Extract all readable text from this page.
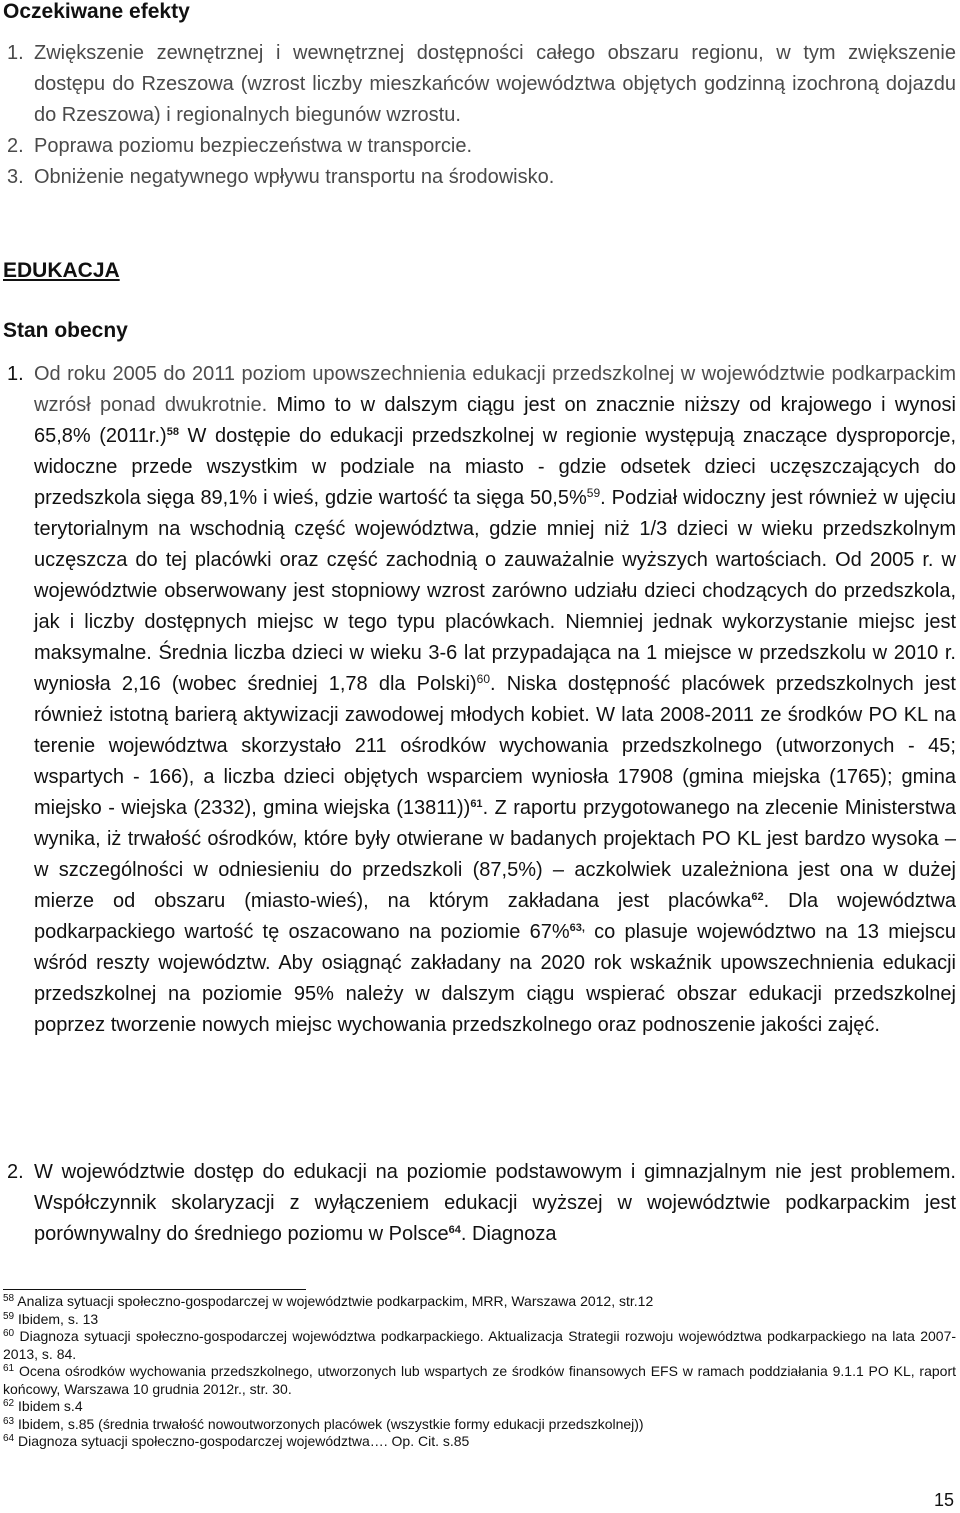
Oczekiwane efekty
1. Zwiększenie zewnętrznej i wewnętrznej dostępności całego obszaru regionu, w tym zwiększenie dostępu do Rzeszowa (wzrost liczby mieszkańców województwa objętych godzinną izochroną dojazdu do Rzeszowa) i regionalnych biegunów wzrostu.
2. Poprawa poziomu bezpieczeństwa w transporcie.
3. Obniżenie negatywnego wpływu transportu na środowisko.
EDUKACJA
Stan obecny
1. Od roku 2005 do 2011 poziom upowszechnienia edukacji przedszkolnej w województwie podkarpackim wzrósł ponad dwukrotnie. Mimo to w dalszym ciągu jest on znacznie niższy od krajowego i wynosi 65,8% $(2011r.)^{58}$ W dostępie do edukacji przedszkolnej w regionie występują znaczące dysproporcje, widoczne przede wszystkim w podziale na miasto - gdzie odsetek dzieci uczęszczających do przedszkola sięga 89,1% i wieś, gdzie wartość ta sięga 50,5%$^{59}$. Podział widoczny jest również w ujęciu terytorialnym na wschodnią część województwa, gdzie mniej niż 1/3 dzieci w wieku przedszkolnym uczęszcza do tej placówki oraz część zachodnią o zauważalnie wyższych wartościach. Od 2005 r. w województwie obserwowany jest stopniowy wzrost zarówno udziału dzieci chodzących do przedszkola, jak i liczby dostępnych miejsc w tego typu placówkach. Niemniej jednak wykorzystanie miejsc jest maksymalne. Średnia liczba dzieci w wieku 3-6 lat przypadająca na 1 miejsce w przedszkolu w 2010 r. wyniosła 2,16 (wobec średniej 1,78 dla Polski)$^{60}$. Niska dostępność placówek przedszkolnych jest również istotną barierą aktywizacji zawodowej młodych kobiet. W lata 2008-2011 ze środków PO KL na terenie województwa skorzystało 211 ośrodków wychowania przedszkolnego (utworzonych - 45; wspartych - 166), a liczba dzieci objętych wsparciem wyniosła 17908 (gmina miejska (1765); gmina miejsko - wiejska (2332), gmina wiejska (13811))$^{61}$. Z raportu przygotowanego na zlecenie Ministerstwa wynika, iż trwałość ośrodków, które były otwierane w badanych projektach PO KL jest bardzo wysoka – w szczególności w odniesieniu do przedszkoli (87,5%) – aczkolwiek uzależniona jest ona w dużej mierze od obszaru (miasto-wieś), na którym zakładana jest placówka$^{62}$. Dla województwa podkarpackiego wartość tę oszacowano na poziomie 67%$^{63,}$ co plasuje województwo na 13 miejscu wśród reszty województw. Aby osiągnąć zakładany na 2020 rok wskaźnik upowszechnienia edukacji przedszkolnej na poziomie 95% należy w dalszym ciągu wspierać obszar edukacji przedszkolnej poprzez tworzenie nowych miejsc wychowania przedszkolnego oraz podnoszenie jakości zajęć.

2. W województwie dostęp do edukacji na poziomie podstawowym i gimnazjalnym nie jest problemem. Współczynnik skolaryzacji z wyłączeniem edukacji wyższej w województwie podkarpackim jest porównywalny do średniego poziomu w Polsce$^{64}$. Diagnoza

$^{58}$ Analiza sytuacji społeczno-gospodarczej w województwie podkarpackim, MRR, Warszawa 2012, str.12

$^{59}$ Ibidem, s. 13

$^{60}$ Diagnoza sytuacji społeczno-gospodarczej województwa podkarpackiego. Aktualizacja Strategii rozwoju województwa podkarpackiego na lata 2007-2013, s. 84.

$^{61}$ Ocena ośrodków wychowania przedszkolnego, utworzonych lub wspartych ze środków finansowych EFS w ramach poddziałania 9.1.1 PO KL, raport końcowy, Warszawa 10 grudnia 2012r., str. 30.

$^{62}$ Ibidem s.4

$^{63}$ Ibidem, s.85 (średnia trwałość nowoutworzonych placówek (wszystkie formy edukacji przedszkolnej))

$^{64}$ Diagnoza sytuacji społeczno-gospodarczej województwa…. Op. Cit. s.85

15
